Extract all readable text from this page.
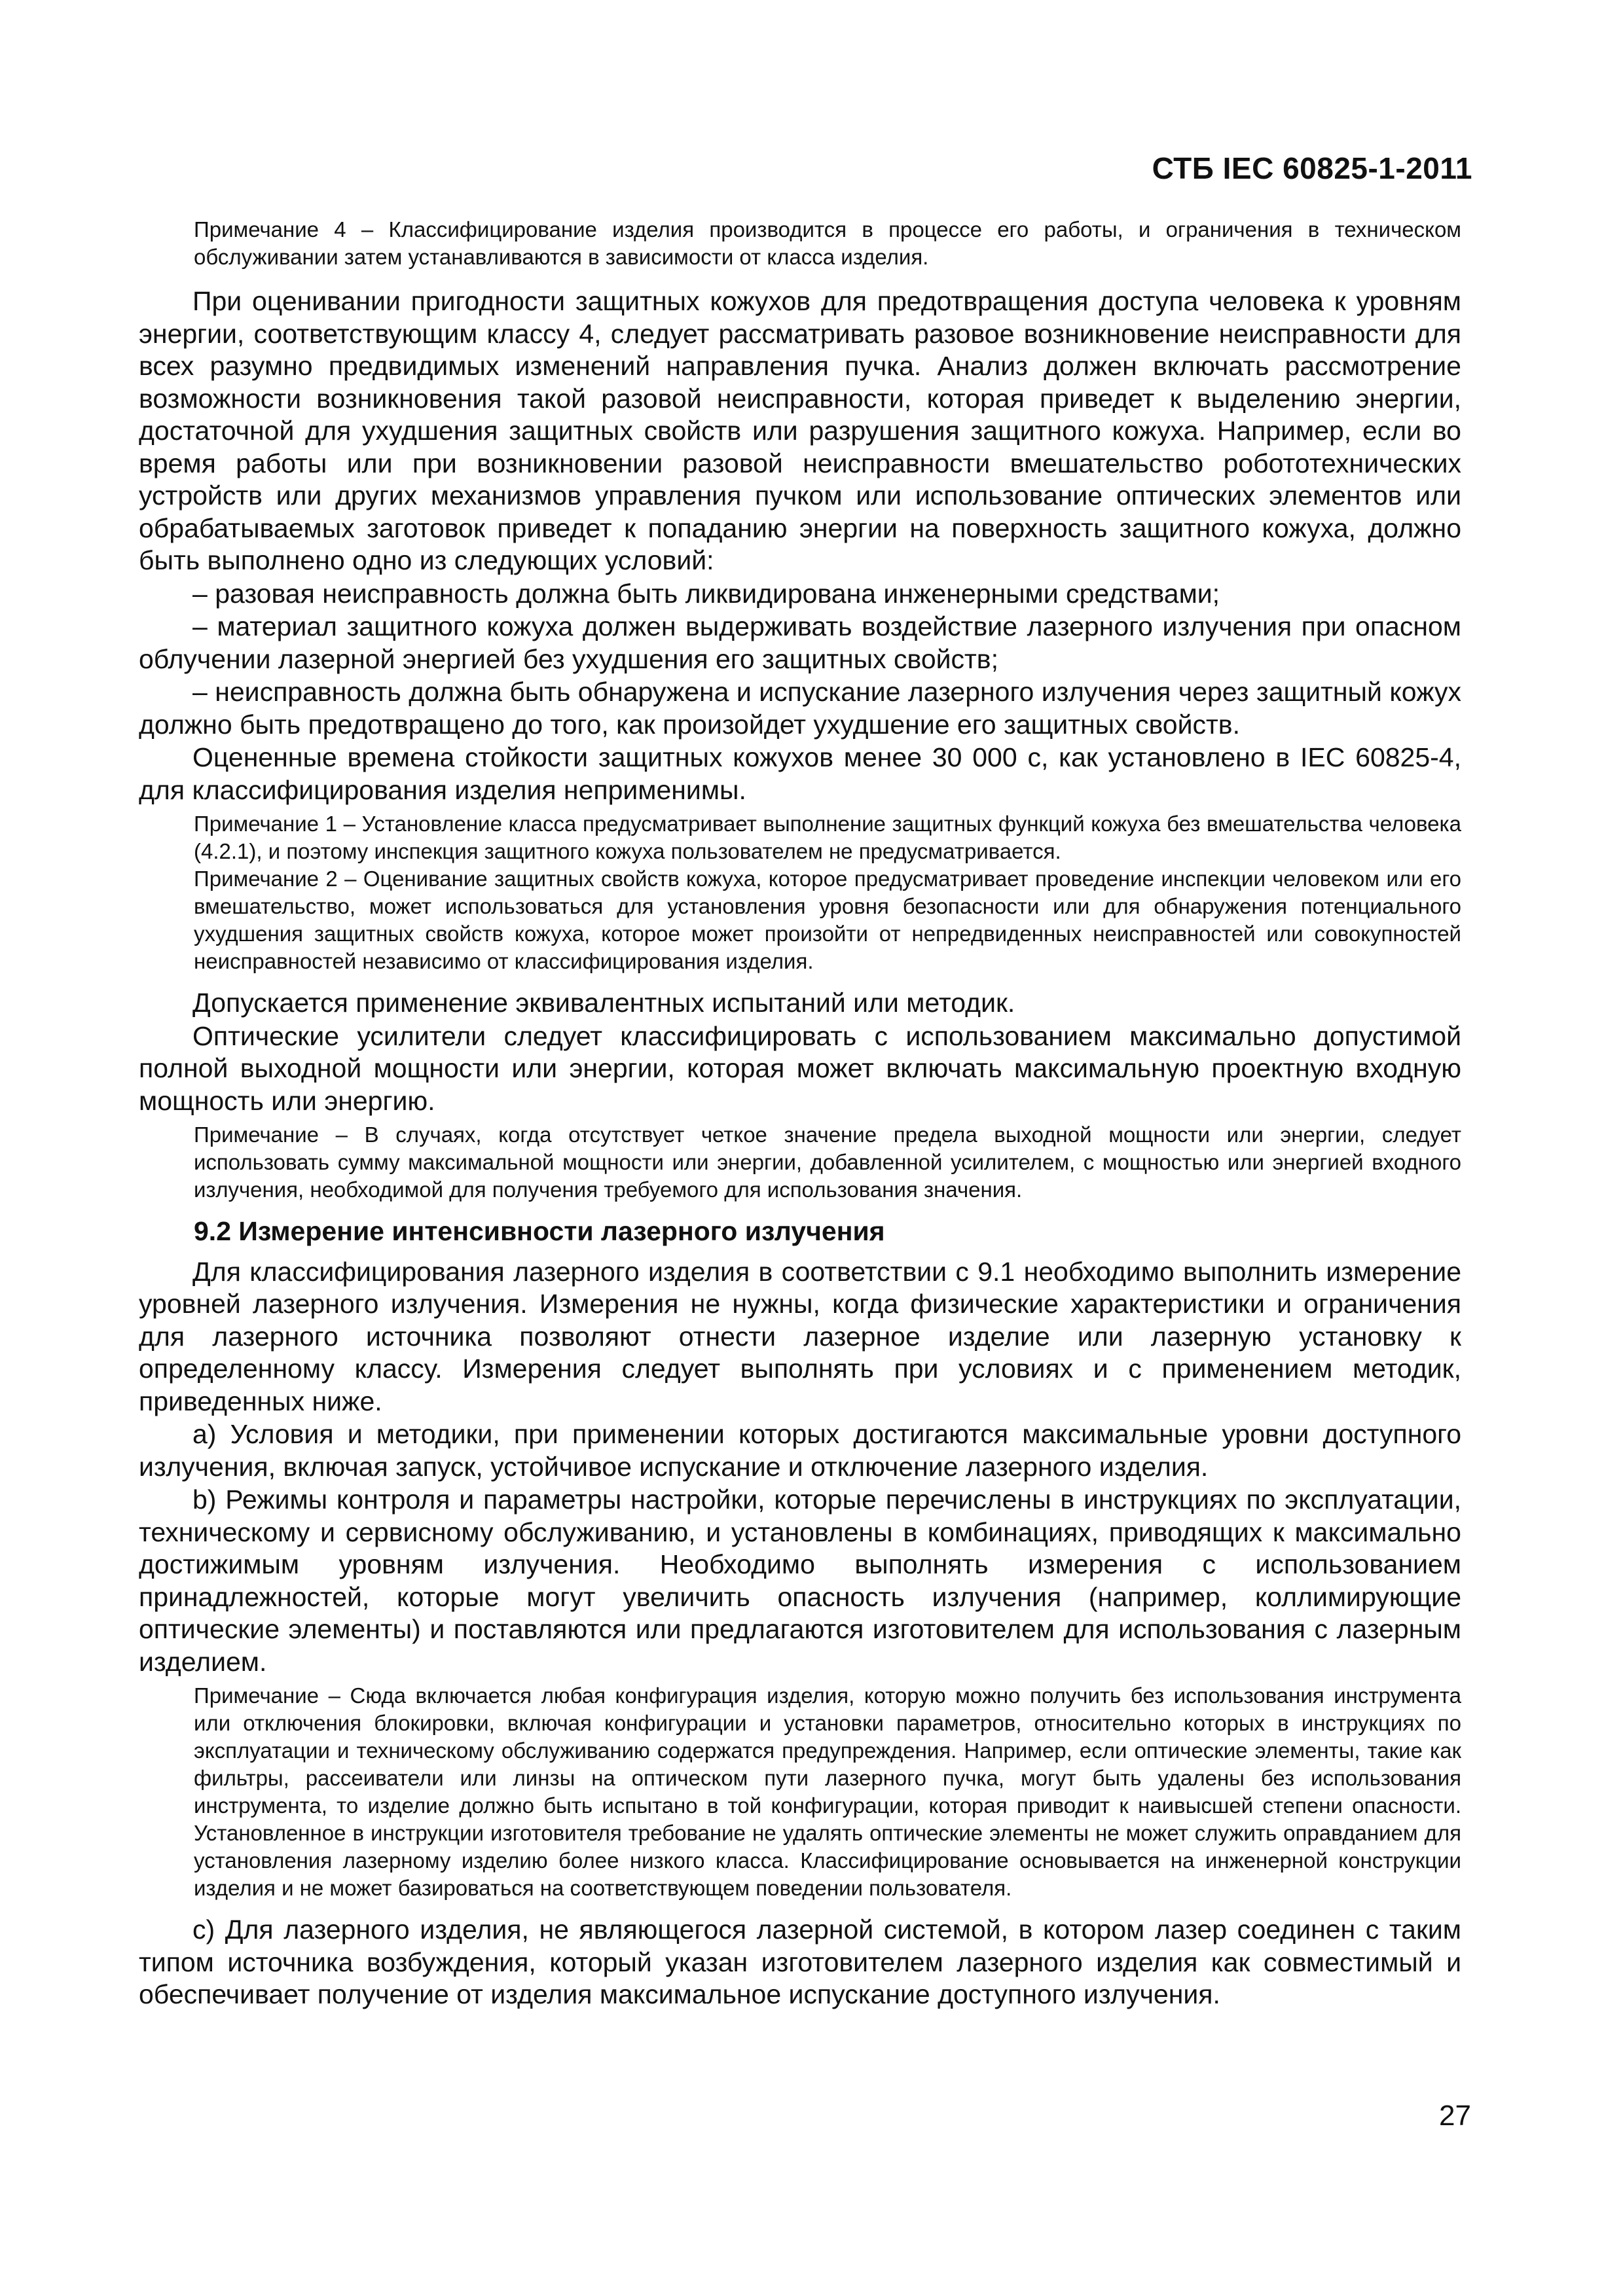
СТБ IEC 60825-1-2011

Примечание 4 – Классифицирование изделия производится в процессе его работы, и ограничения в техническом обслуживании затем устанавливаются в зависимости от класса изделия.

При оценивании пригодности защитных кожухов для предотвращения доступа человека к уровням энергии, соответствующим классу 4, следует рассматривать разовое возникновение неисправности для всех разумно предвидимых изменений направления пучка. Анализ должен включать рассмотрение возможности возникновения такой разовой неисправности, которая приведет к выделению энергии, достаточной для ухудшения защитных свойств или разрушения защитного кожуха. Например, если во время работы или при возникновении разовой неисправности вмешательство робототехнических устройств или других механизмов управления пучком или использование оптических элементов или обрабатываемых заготовок приведет к попаданию энергии на поверхность защитного кожуха, должно быть выполнено одно из следующих условий:

– разовая неисправность должна быть ликвидирована инженерными средствами;

– материал защитного кожуха должен выдерживать воздействие лазерного излучения при опасном облучении лазерной энергией без ухудшения его защитных свойств;

– неисправность должна быть обнаружена и испускание лазерного излучения через защитный кожух должно быть предотвращено до того, как произойдет ухудшение его защитных свойств.

Оцененные времена стойкости защитных кожухов менее 30 000 с, как установлено в IEC 60825-4, для классифицирования изделия неприменимы.

Примечание 1 – Установление класса предусматривает выполнение защитных функций кожуха без вмешательства человека (4.2.1), и поэтому инспекция защитного кожуха пользователем не предусматривается.

Примечание 2 – Оценивание защитных свойств кожуха, которое предусматривает проведение инспекции человеком или его вмешательство, может использоваться для установления уровня безопасности или для обнаружения потенциального ухудшения защитных свойств кожуха, которое может произойти от непредвиденных неисправностей или совокупностей неисправностей независимо от классифицирования изделия.

Допускается применение эквивалентных испытаний или методик.

Оптические усилители следует классифицировать с использованием максимально допустимой полной выходной мощности или энергии, которая может включать максимальную проектную входную мощность или энергию.

Примечание – В случаях, когда отсутствует четкое значение предела выходной мощности или энергии, следует использовать сумму максимальной мощности или энергии, добавленной усилителем, с мощностью или энергией входного излучения, необходимой для получения требуемого для использования значения.

9.2 Измерение интенсивности лазерного излучения

Для классифицирования лазерного изделия в соответствии с 9.1 необходимо выполнить измерение уровней лазерного излучения. Измерения не нужны, когда физические характеристики и ограничения для лазерного источника позволяют отнести лазерное изделие или лазерную установку к определенному классу. Измерения следует выполнять при условиях и с применением методик, приведенных ниже.

а) Условия и методики, при применении которых достигаются максимальные уровни доступного излучения, включая запуск, устойчивое испускание и отключение лазерного изделия.

b) Режимы контроля и параметры настройки, которые перечислены в инструкциях по эксплуатации, техническому и сервисному обслуживанию, и установлены в комбинациях, приводящих к максимально достижимым уровням излучения. Необходимо выполнять измерения с использованием принадлежностей, которые могут увеличить опасность излучения (например, коллимирующие оптические элементы) и поставляются или предлагаются изготовителем для использования с лазерным изделием.

Примечание – Сюда включается любая конфигурация изделия, которую можно получить без использования инструмента или отключения блокировки, включая конфигурации и установки параметров, относительно которых в инструкциях по эксплуатации и техническому обслуживанию содержатся предупреждения. Например, если оптические элементы, такие как фильтры, рассеиватели или линзы на оптическом пути лазерного пучка, могут быть удалены без использования инструмента, то изделие должно быть испытано в той конфигурации, которая приводит к наивысшей степени опасности. Установленное в инструкции изготовителя требование не удалять оптические элементы не может служить оправданием для установления лазерному изделию более низкого класса. Классифицирование основывается на инженерной конструкции изделия и не может базироваться на соответствующем поведении пользователя.

с) Для лазерного изделия, не являющегося лазерной системой, в котором лазер соединен с таким типом источника возбуждения, который указан изготовителем лазерного изделия как совместимый и обеспечивает получение от изделия максимальное испускание доступного излучения.

27
